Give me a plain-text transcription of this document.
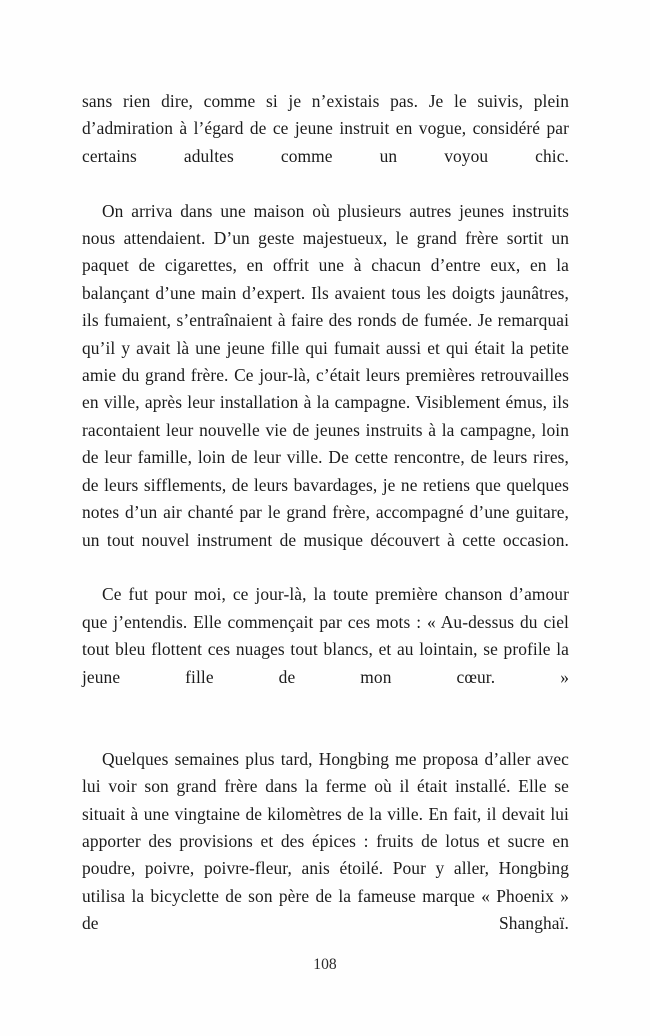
sans rien dire, comme si je n’existais pas. Je le suivis, plein d’admiration à l’égard de ce jeune instruit en vogue, considéré par certains adultes comme un voyou chic.

On arriva dans une maison où plusieurs autres jeunes instruits nous attendaient. D’un geste majestueux, le grand frère sortit un paquet de cigarettes, en offrit une à chacun d’entre eux, en la balançant d’une main d’expert. Ils avaient tous les doigts jaunâtres, ils fumaient, s’entraînaient à faire des ronds de fumée. Je remarquai qu’il y avait là une jeune fille qui fumait aussi et qui était la petite amie du grand frère. Ce jour-là, c’était leurs premières retrouvailles en ville, après leur installation à la campagne. Visiblement émus, ils racontaient leur nouvelle vie de jeunes instruits à la campagne, loin de leur famille, loin de leur ville. De cette rencontre, de leurs rires, de leurs sifflements, de leurs bavardages, je ne retiens que quelques notes d’un air chanté par le grand frère, accompagné d’une guitare, un tout nouvel instrument de musique découvert à cette occasion.

Ce fut pour moi, ce jour-là, la toute première chanson d’amour que j’entendis. Elle commençait par ces mots : « Au-dessus du ciel tout bleu flottent ces nuages tout blancs, et au lointain, se profile la jeune fille de mon cœur. »

Quelques semaines plus tard, Hongbing me proposa d’aller avec lui voir son grand frère dans la ferme où il était installé. Elle se situait à une vingtaine de kilomètres de la ville. En fait, il devait lui apporter des provisions et des épices : fruits de lotus et sucre en poudre, poivre, poivre-fleur, anis étoilé. Pour y aller, Hongbing utilisa la bicyclette de son père de la fameuse marque « Phoenix » de Shanghaï.

108
